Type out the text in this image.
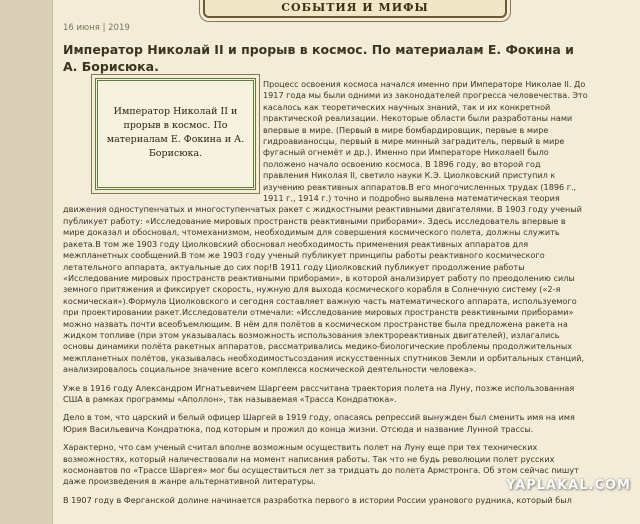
СОБЫТИЯ И МИФЫ
16 июня | 2019
Император Николай II и прорыв в космос. По материалам Е. Фокина и А. Борисюка.
Император Николай II и прорыв в космос. По материалам Е. Фокина и А. Борисюка.

Процесс освоения космоса начался именно при Императоре Николае II. До 1917 года мы были одними из законодателей прогресса человечества. Это касалось как теоретических научных знаний, так и их конкретной практической реализации. Некоторые области были разработаны нами впервые в мире. (Первый в мире бомбардировщик, первые в мире гидроавианосцы, первый в мире минный заградитель, первый в мире фугасный огнемёт и др.). Именно при Императоре НиколаеII было положено начало освоению космоса. В 1896 году, во второй год правления Николая II, светило науки К.Э. Циолковский приступил к изучению реактивных аппаратов.В его многочисленных трудах (1896 г., 1911 г., 1914 г.) точно и подробно выявлена математическая теория движения одноступенчатых и многоступенчатых ракет с жидкостными реактивными двигателями. В 1903 году ученый публикует работу: «Исследование мировых пространств реактивными приборами». Здесь исследователь впервые в мире доказал и обосновал, чтомеханизмом, необходимым для совершения космического полета, должны служить ракета.В том же 1903 году Циолковский обосновал необходимость применения реактивных аппаратов для межпланетных сообщений.В том же 1903 году ученый публикует принципы работы реактивного космического летательного аппарата, актуальные до сих пор!В 1911 году Циолковский публикует продолжение работы «Исследование мировых пространств реактивными приборами», в которой анализирует работу по преодолению силы земного притяжения и фиксирует скорость, нужную для выхода космического корабля в Солнечную систему («2-я космическая»).Формула Циолковского и сегодня составляет важную часть математического аппарата, используемого при проектировании ракет.Исследователи отмечали: «Исследование мировых пространств реактивными приборами» можно назвать почти всеобъемлющим. В нём для полётов в космическом пространстве была предложена ракета на жидком топливе (при этом указывалась возможность использования электрореактивных двигателей), излагались основы динамики полёта ракетных аппаратов, рассматривались медико-биологические проблемы продолжительных межпланетных полётов, указывалась необходимостьсоздания искусственных спутников Земли и орбитальных станций, анализировалось социальное значение всего комплекса космической деятельности человека».

Уже в 1916 году Александром Игнатьевичем Шаргеем рассчитана траектория полета на Луну, позже использованная США в рамках программы «Аполлон», так называемая «Трасса Кондратюка».

Дело в том, что царский и белый офицер Шаргей в 1919 году, опасаясь репрессий вынужден был сменить имя на имя Юрия Васильевича Кондратюка, под которым и прожил до конца жизни. Отсюда и название Лунной трассы.

Характерно, что сам ученый считал вполне возможным осуществить полет на Луну еще при тех технических возможностях, который наличествовали на момент написания работы. Так что не будь революции полет русских космонавтов по «Трассе Шаргея» мог бы осуществиться лет за тридцать до полета Армстронга. Об этом сейчас пишут даже произведения в жанре альтернативной литературы.

В 1907 году в Ферганской долине начинается разработка первого в истории России уранового рудника, который был

YAPLAKAL.COM
